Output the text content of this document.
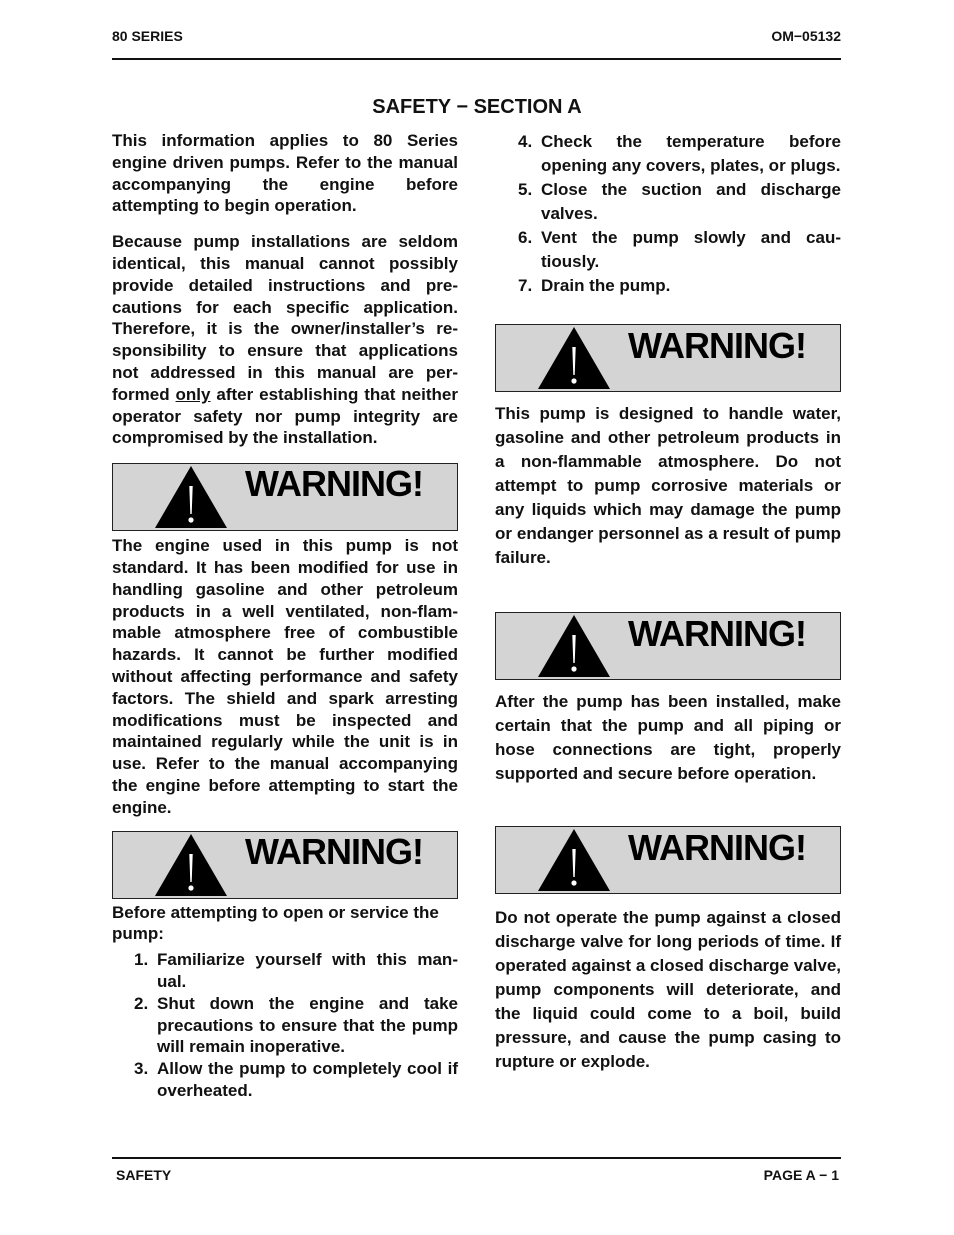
80 SERIES	OM−05132
SAFETY − SECTION A

This information applies to 80 Series engine driven pumps. Refer to the manual accompanying the engine before attempting to begin operation.

Because pump installations are seldom identical, this manual cannot possibly provide detailed instructions and precautions for each specific application. Therefore, it is the owner/installer’s responsibility to ensure that applications not addressed in this manual are performed only after establishing that neither operator safety nor pump integrity are compromised by the installation.

WARNING!

The engine used in this pump is not standard. It has been modified for use in handling gasoline and other petroleum products in a well ventilated, non-flammable atmosphere free of combustible hazards. It cannot be further modified without affecting performance and safety factors. The shield and spark arresting modifications must be inspected and maintained regularly while the unit is in use. Refer to the manual accompanying the engine before attempting to start the engine.

WARNING!

Before attempting to open or service the pump:

1. Familiarize yourself with this manual.
2. Shut down the engine and take precautions to ensure that the pump will remain inoperative.
3. Allow the pump to completely cool if overheated.
4. Check the temperature before opening any covers, plates, or plugs.
5. Close the suction and discharge valves.
6. Vent the pump slowly and cautiously.
7. Drain the pump.
WARNING!

This pump is designed to handle water, gasoline and other petroleum products in a non-flammable atmosphere. Do not attempt to pump corrosive materials or any liquids which may damage the pump or endanger personnel as a result of pump failure.

WARNING!

After the pump has been installed, make certain that the pump and all piping or hose connections are tight, properly supported and secure before operation.

WARNING!

Do not operate the pump against a closed discharge valve for long periods of time. If operated against a closed discharge valve, pump components will deteriorate, and the liquid could come to a boil, build pressure, and cause the pump casing to rupture or explode.

SAFETY	PAGE A − 1
